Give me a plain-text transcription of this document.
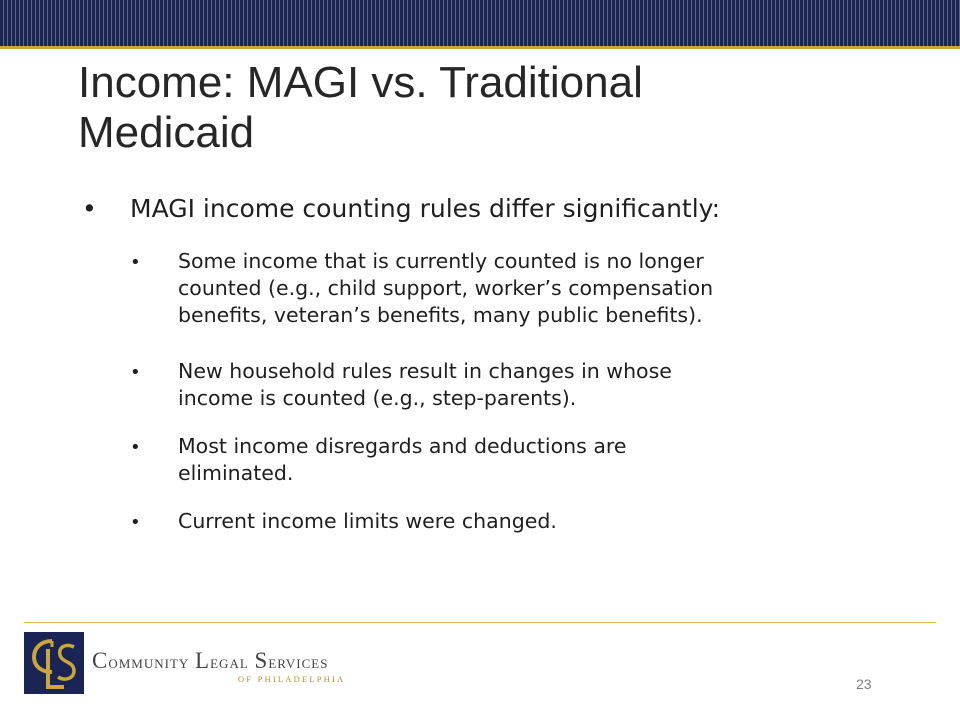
Income: MAGI vs. Traditional
Medicaid
• MAGI income counting rules differ significantly:
• Some income that is currently counted is no longer
counted (e.g., child support, worker’s compensation
benefits, veteran’s benefits, many public benefits).
• New household rules result in changes in whose
income is counted (e.g., step-parents).
• Most income disregards and deductions are
eliminated.
• Current income limits were changed.
Community Legal Services
OF PHILADELPHIA	23
